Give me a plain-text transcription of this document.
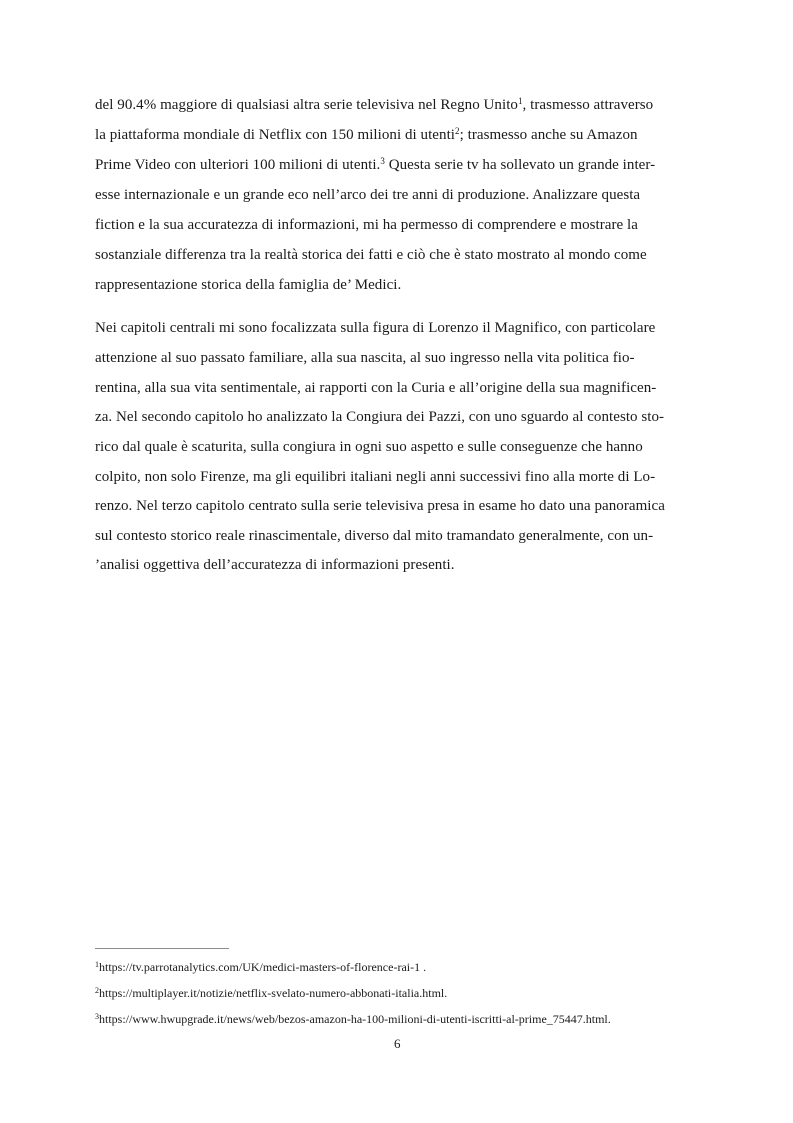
del 90.4% maggiore di qualsiasi altra serie televisiva nel Regno Unito$^1$, trasmesso attraverso
la piattaforma mondiale di Netflix con 150 milioni di utenti$^2$; trasmesso anche su Amazon
Prime Video con ulteriori 100 milioni di utenti.$^3$ Questa serie tv ha sollevato un grande inter-
esse internazionale e un grande eco nell’arco dei tre anni di produzione. Analizzare questa
fiction e la sua accuratezza di informazioni, mi ha permesso di comprendere e mostrare la
sostanziale differenza tra la realtà storica dei fatti e ciò che è stato mostrato al mondo come
rappresentazione storica della famiglia de’ Medici.
Nei capitoli centrali mi sono focalizzata sulla figura di Lorenzo il Magnifico, con particolare
attenzione al suo passato familiare, alla sua nascita, al suo ingresso nella vita politica fio-
rentina, alla sua vita sentimentale, ai rapporti con la Curia e all’origine della sua magnificen-
za. Nel secondo capitolo ho analizzato la Congiura dei Pazzi, con uno sguardo al contesto sto-
rico dal quale è scaturita, sulla congiura in ogni suo aspetto e sulle conseguenze che hanno
colpito, non solo Firenze, ma gli equilibri italiani negli anni successivi fino alla morte di Lo-
renzo. Nel terzo capitolo centrato sulla serie televisiva presa in esame ho dato una panoramica
sul contesto storico reale rinascimentale, diverso dal mito tramandato generalmente, con un-
’analisi oggettiva dell’accuratezza di informazioni presenti.
$^1$https://tv.parrotanalytics.com/UK/medici-masters-of-florence-rai-1 .
$^2$https://multiplayer.it/notizie/netflix-svelato-numero-abbonati-italia.html.
$^3$https://www.hwupgrade.it/news/web/bezos-amazon-ha-100-milioni-di-utenti-iscritti-al-prime_75447.html.
6
